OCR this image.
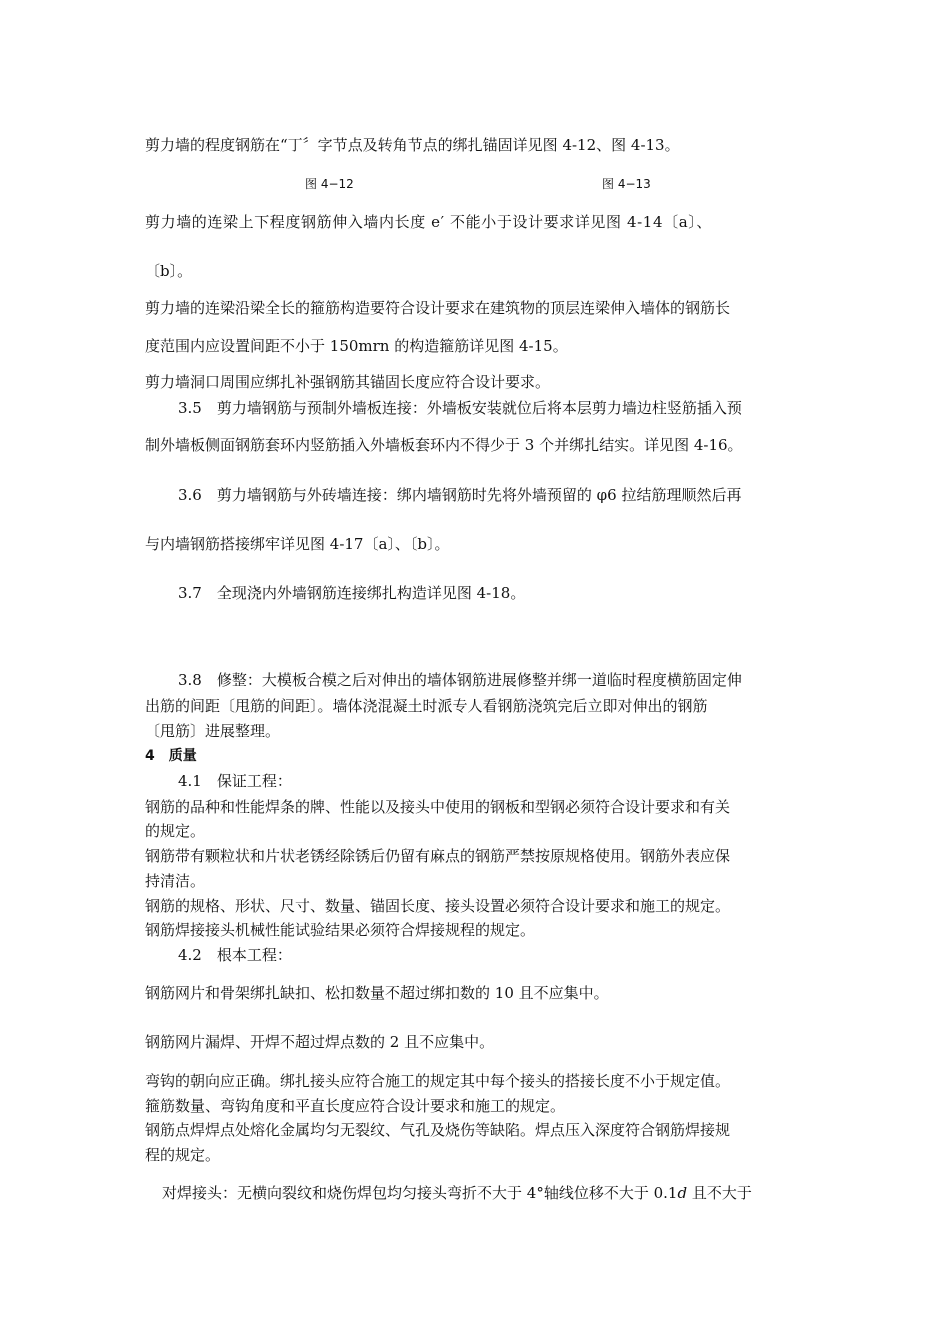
剪力墙的程度钢筋在“丁〞字节点及转角节点的绑扎锚固详见图 4-12、图 4-13。
图 4−12	图 4−13
剪力墙的连梁上下程度钢筋伸入墙内长度 e′ 不能小于设计要求详见图 4-14〔a〕、
〔b〕。
剪力墙的连梁沿梁全长的箍筋构造要符合设计要求在建筑物的顶层连梁伸入墙体的钢筋长
度范围内应设置间距不小于 150mrn 的构造箍筋详见图 4-15。
剪力墙洞口周围应绑扎补强钢筋其锚固长度应符合设计要求。
3.5　剪力墙钢筋与预制外墙板连接：外墙板安装就位后将本层剪力墙边柱竖筋插入预
制外墙板侧面钢筋套环内竖筋插入外墙板套环内不得少于 3 个并绑扎结实。详见图 4-16。
3.6　剪力墙钢筋与外砖墙连接：绑内墙钢筋时先将外墙预留的 φ6 拉结筋理顺然后再
与内墙钢筋搭接绑牢详见图 4-17〔a〕、〔b〕。
3.7　全现浇内外墙钢筋连接绑扎构造详见图 4-18。
3.8　修整：大模板合模之后对伸出的墙体钢筋进展修整并绑一道临时程度横筋固定伸
出筋的间距〔甩筋的间距〕。墙体浇混凝土时派专人看钢筋浇筑完后立即对伸出的钢筋
〔甩筋〕进展整理。
4　质量
4.1　保证工程：
钢筋的品种和性能焊条的牌、性能以及接头中使用的钢板和型钢必须符合设计要求和有关
的规定。
钢筋带有颗粒状和片状老锈经除锈后仍留有麻点的钢筋严禁按原规格使用。钢筋外表应保
持清洁。
钢筋的规格、形状、尺寸、数量、锚固长度、接头设置必须符合设计要求和施工的规定。
钢筋焊接接头机械性能试验结果必须符合焊接规程的规定。
4.2　根本工程：
钢筋网片和骨架绑扎缺扣、松扣数量不超过绑扣数的 10 且不应集中。
钢筋网片漏焊、开焊不超过焊点数的 2 且不应集中。
弯钩的朝向应正确。绑扎接头应符合施工的规定其中每个接头的搭接长度不小于规定值。
箍筋数量、弯钩角度和平直长度应符合设计要求和施工的规定。
钢筋点焊焊点处熔化金属均匀无裂纹、气孔及烧伤等缺陷。焊点压入深度符合钢筋焊接规
程的规定。
对焊接头：无横向裂纹和烧伤焊包均匀接头弯折不大于 4°轴线位移不大于 0.1d 且不大于
